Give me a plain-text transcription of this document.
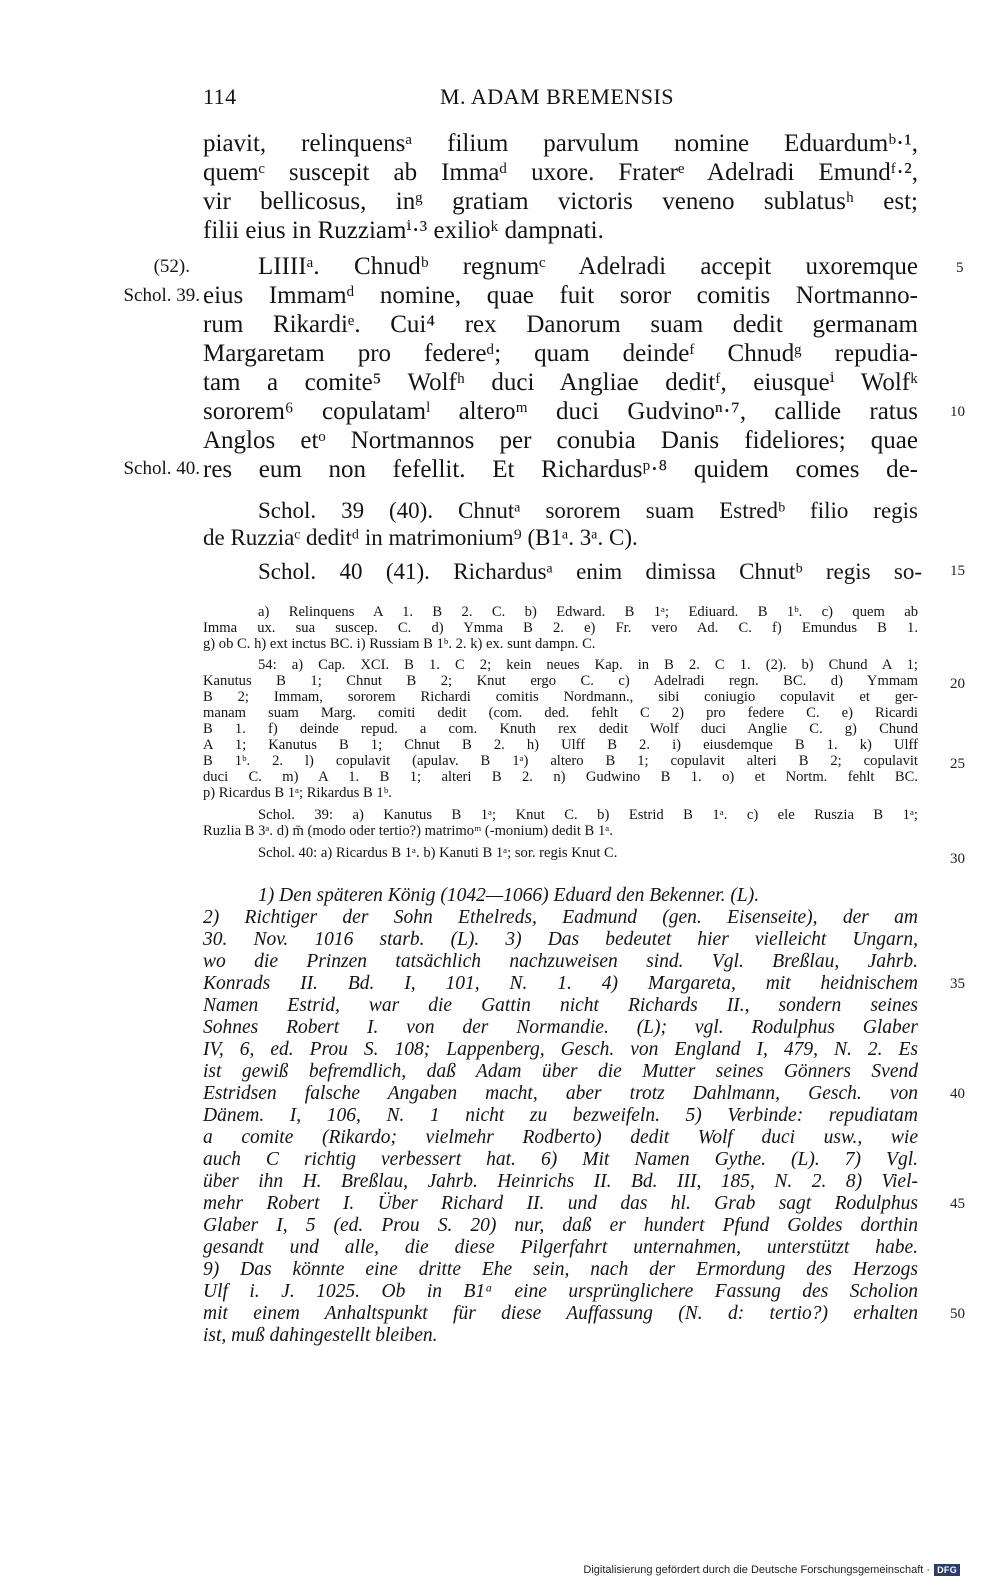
114	M. ADAM BREMENSIS
piavit, relinquensᵃ filium parvulum nomine Eduardumᵇ·¹,
quemᶜ suscepit ab Immaᵈ uxore. Fraterᵉ Adelradi Emundᶠ·²,
vir bellicosus, inᵍ gratiam victoris veneno sublatusʰ est;
filii eius in Ruzziamⁱ·³ exilioᵏ dampnati.
LIIIIᵃ. Chnudᵇ regnumᶜ Adelradi accepit uxoremque
eius Immamᵈ nomine, quae fuit soror comitis Nortmanno-
rum Rikardiᵉ. Cui⁴ rex Danorum suam dedit germanam
Margaretam pro federeᵈ; quam deindeᶠ Chnudᵍ repudia-
tam a comite⁵ Wolfʰ duci Angliae deditᶠ, eiusqueⁱ Wolfᵏ
sororem⁶ copulatamˡ alteroᵐ duci Gudvinoⁿ·⁷, callide ratus
Anglos etᵒ Nortmannos per conubia Danis fideliores; quae
res eum non fefellit. Et Richardusᵖ·⁸ quidem comes de-
(52).
Schol. 39.
Schol. 40.
Schol. 39 (40). Chnutᵃ sororem suam Estredᵇ filio regis
de Ruzziaᶜ deditᵈ in matrimonium⁹ (B1ᵃ. 3ᵃ. C).
Schol. 40 (41). Richardusᵃ enim dimissa Chnutᵇ regis so-
a) Relinquens A 1. B 2. C. b) Edward. B 1ᵃ; Ediuard. B 1ᵇ. c) quem ab
Imma ux. sua suscep. C. d) Ymma B 2. e) Fr. vero Ad. C. f) Emundus B 1.
g) ob C. h) ext inctus BC. i) Russiam B 1ᵇ. 2. k) ex. sunt dampn. C.
54: a) Cap. XCI. B 1. C 2; kein neues Kap. in B 2. C 1. (2). b) Chund A 1;
Kanutus B 1; Chnut B 2; Knut ergo C. c) Adelradi regn. BC. d) Ymmam
B 2; Immam, sororem Richardi comitis Nordmann., sibi coniugio copulavit et ger-
manam suam Marg. comiti dedit (com. ded. fehlt C 2) pro federe C. e) Ricardi
B 1. f) deinde repud. a com. Knuth rex dedit Wolf duci Anglie C. g) Chund
A 1; Kanutus B 1; Chnut B 2. h) Ulff B 2. i) eiusdemque B 1. k) Ulff
B 1ᵇ. 2. l) copulavit (apulav. B 1ᵃ) altero B 1; copulavit alteri B 2; copulavit
duci C. m) A 1. B 1; alteri B 2. n) Gudwino B 1. o) et Nortm. fehlt BC.
p) Ricardus B 1ᵃ; Rikardus B 1ᵇ.
Schol. 39: a) Kanutus B 1ᵃ; Knut C. b) Estrid B 1ᵃ. c) ele Ruszia B 1ᵃ;
Ruzlia B 3ᵃ. d) m̄ (modo oder tertio?) matrimoᵐ (-monium) dedit B 1ᵃ.
Schol. 40: a) Ricardus B 1ᵃ. b) Kanuti B 1ᵃ; sor. regis Knut C.
1) Den späteren König (1042—1066) Eduard den Bekenner. (L).
2) Richtiger der Sohn Ethelreds, Eadmund (gen. Eisenseite), der am
30. Nov. 1016 starb. (L). 3) Das bedeutet hier vielleicht Ungarn,
wo die Prinzen tatsächlich nachzuweisen sind. Vgl. Breßlau, Jahrb.
Konrads II. Bd. I, 101, N. 1. 4) Margareta, mit heidnischem
Namen Estrid, war die Gattin nicht Richards II., sondern seines
Sohnes Robert I. von der Normandie. (L); vgl. Rodulphus Glaber
IV, 6, ed. Prou S. 108; Lappenberg, Gesch. von England I, 479, N. 2. Es
ist gewiß befremdlich, daß Adam über die Mutter seines Gönners Svend
Estridsen falsche Angaben macht, aber trotz Dahlmann, Gesch. von
Dänem. I, 106, N. 1 nicht zu bezweifeln. 5) Verbinde: repudiatam
a comite (Rikardo; vielmehr Rodberto) dedit Wolf duci usw., wie
auch C richtig verbessert hat. 6) Mit Namen Gythe. (L). 7) Vgl.
über ihn H. Breßlau, Jahrb. Heinrichs II. Bd. III, 185, N. 2. 8) Viel-
mehr Robert I. Über Richard II. und das hl. Grab sagt Rodulphus
Glaber I, 5 (ed. Prou S. 20) nur, daß er hundert Pfund Goldes dorthin
gesandt und alle, die diese Pilgerfahrt unternahmen, unterstützt habe.
9) Das könnte eine dritte Ehe sein, nach der Ermordung des Herzogs
Ulf i. J. 1025. Ob in B1ᵃ eine ursprünglichere Fassung des Scholion
mit einem Anhaltspunkt für diese Auffassung (N. d: tertio?) erhalten
ist, muß dahingestellt bleiben.
5
10
15
20
25
30
35
40
45
50
Digitalisierung gefördert durch die Deutsche Forschungsgemeinschaft · DFG
